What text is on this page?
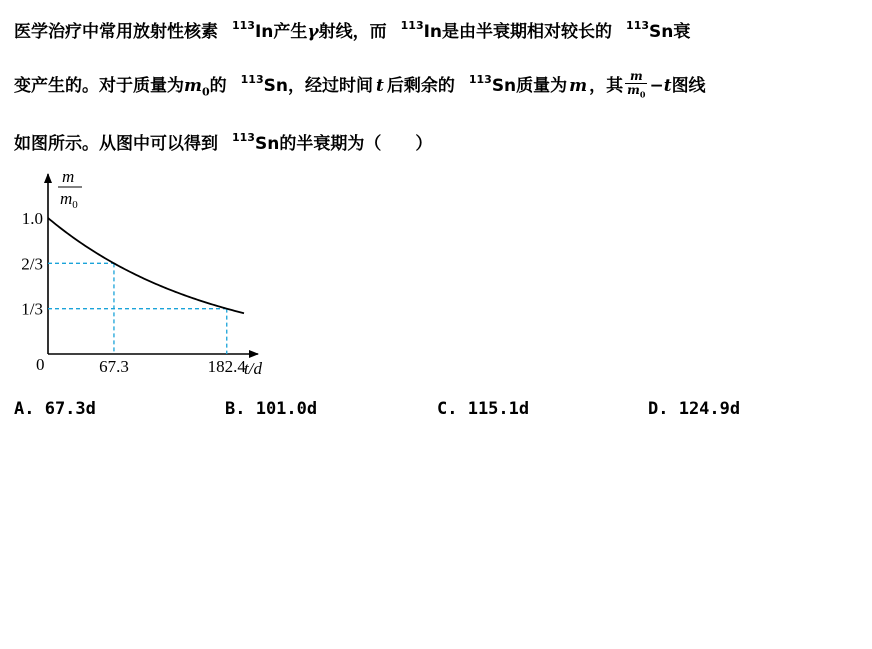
医学治疗中常用放射性核素 $^{113}$In产生γ射线，而 $^{113}$In是由半衰期相对较长的 $^{113}$Sn衰
变产生的。对于质量为$m_0$的 $^{113}$Sn，经过时间 t 后剩余的 $^{113}$Sn质量为 m ，其 $\frac{m}{m_0} -t$图线
如图所示。从图中可以得到 $^{113}$Sn的半衰期为（　　）
m
$m_0$
1.0
2/3
1/3
67.3	182.4
0	t/d
A. 67.3d	B. 101.0d	C. 115.1d	D. 124.9d
